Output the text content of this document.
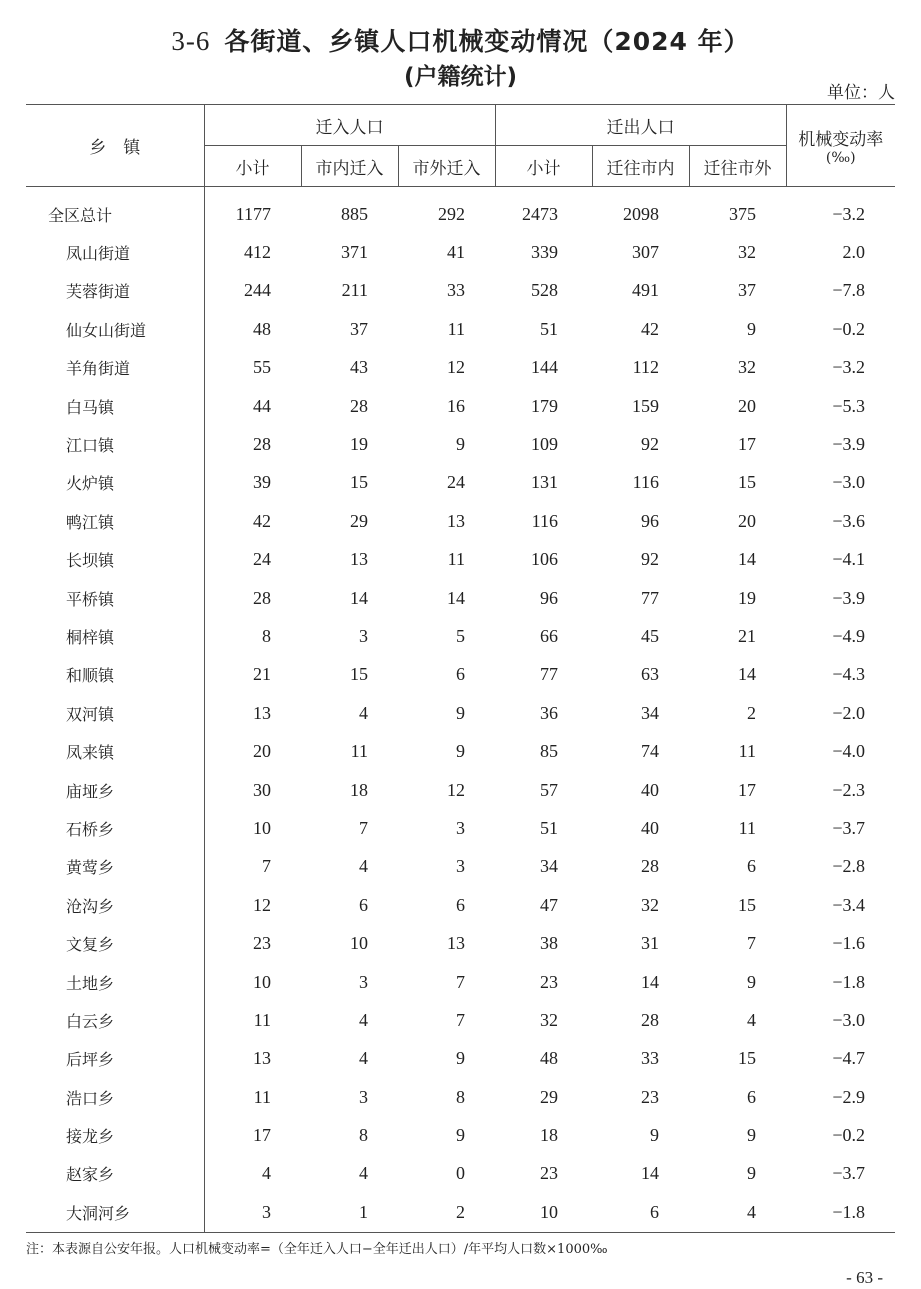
3-6 各街道、乡镇人口机械变动情况（2024 年）
(户籍统计)
单位：人
乡　镇	迁入人口			迁出人口			机械变动率
(‰)

	小计	市内迁入	市外迁入	小计	迁往市内	迁往市外	
全区总计	1177	885	292	2473	2098	375	−3.2
凤山街道	412	371	41	339	307	32	2.0
芙蓉街道	244	211	33	528	491	37	−7.8
仙女山街道	48	37	11	51	42	9	−0.2
羊角街道	55	43	12	144	112	32	−3.2
白马镇	44	28	16	179	159	20	−5.3
江口镇	28	19	9	109	92	17	−3.9
火炉镇	39	15	24	131	116	15	−3.0
鸭江镇	42	29	13	116	96	20	−3.6
长坝镇	24	13	11	106	92	14	−4.1
平桥镇	28	14	14	96	77	19	−3.9
桐梓镇	8	3	5	66	45	21	−4.9
和顺镇	21	15	6	77	63	14	−4.3
双河镇	13	4	9	36	34	2	−2.0
凤来镇	20	11	9	85	74	11	−4.0
庙垭乡	30	18	12	57	40	17	−2.3
石桥乡	10	7	3	51	40	11	−3.7
黄莺乡	7	4	3	34	28	6	−2.8
沧沟乡	12	6	6	47	32	15	−3.4
文复乡	23	10	13	38	31	7	−1.6
土地乡	10	3	7	23	14	9	−1.8
白云乡	11	4	7	32	28	4	−3.0
后坪乡	13	4	9	48	33	15	−4.7
浩口乡	11	3	8	29	23	6	−2.9
接龙乡	17	8	9	18	9	9	−0.2
赵家乡	4	4	0	23	14	9	−3.7
大洞河乡	3	1	2	10	6	4	−1.8
注：本表源自公安年报。人口机械变动率=（全年迁入人口−全年迁出人口）/年平均人口数×1000‰
- 63 -
